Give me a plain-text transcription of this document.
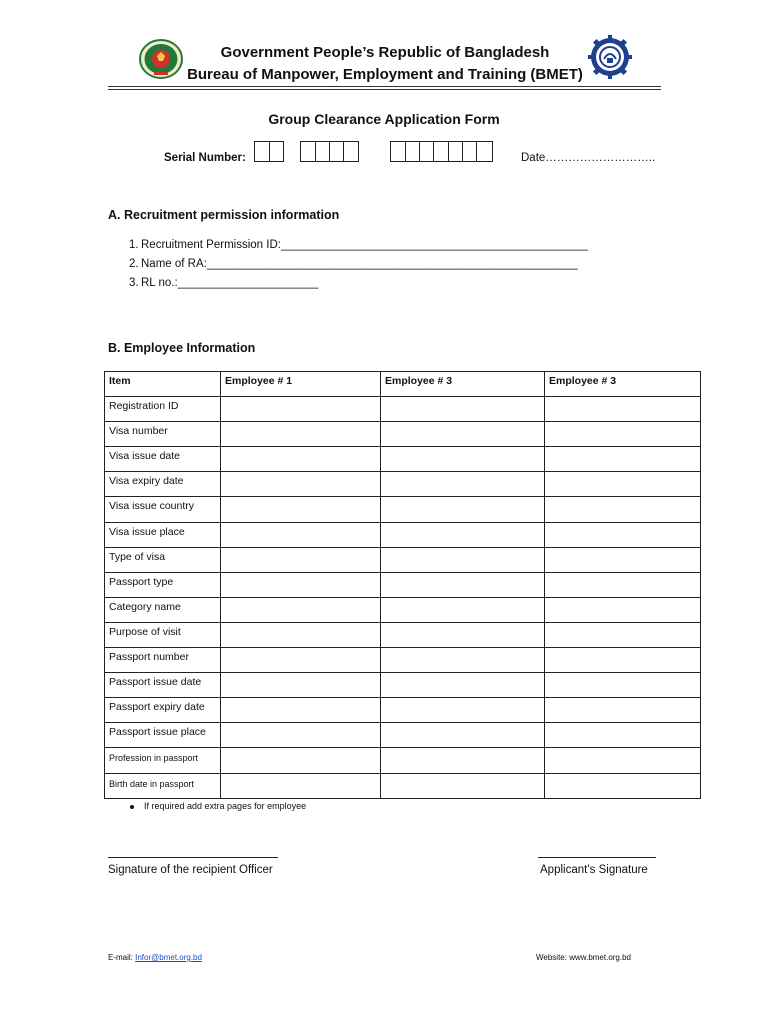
Government People’s Republic of Bangladesh
Bureau of Manpower, Employment and Training (BMET)
Group Clearance Application Form
Serial Number:	Date………………………..
A. Recruitment permission information
1. Recruitment Permission ID:________________________________________________
2. Name of RA:__________________________________________________________
3. RL no.:______________________
B. Employee Information
Item	Employee # 1	Employee # 3	Employee # 3
Registration ID			
Visa number			
Visa issue date			
Visa expiry date			
Visa issue country			
Visa issue place			
Type of visa			
Passport type			
Category name			
Purpose of visit			
Passport number			
Passport issue date			
Passport expiry date			
Passport issue place			
Profession in passport			
Birth date in passport			
If required add extra pages for employee
Signature of the recipient Officer	Applicant’s Signature
E-mail: Infor@bmet.org.bd	Website: www.bmet.org.bd
